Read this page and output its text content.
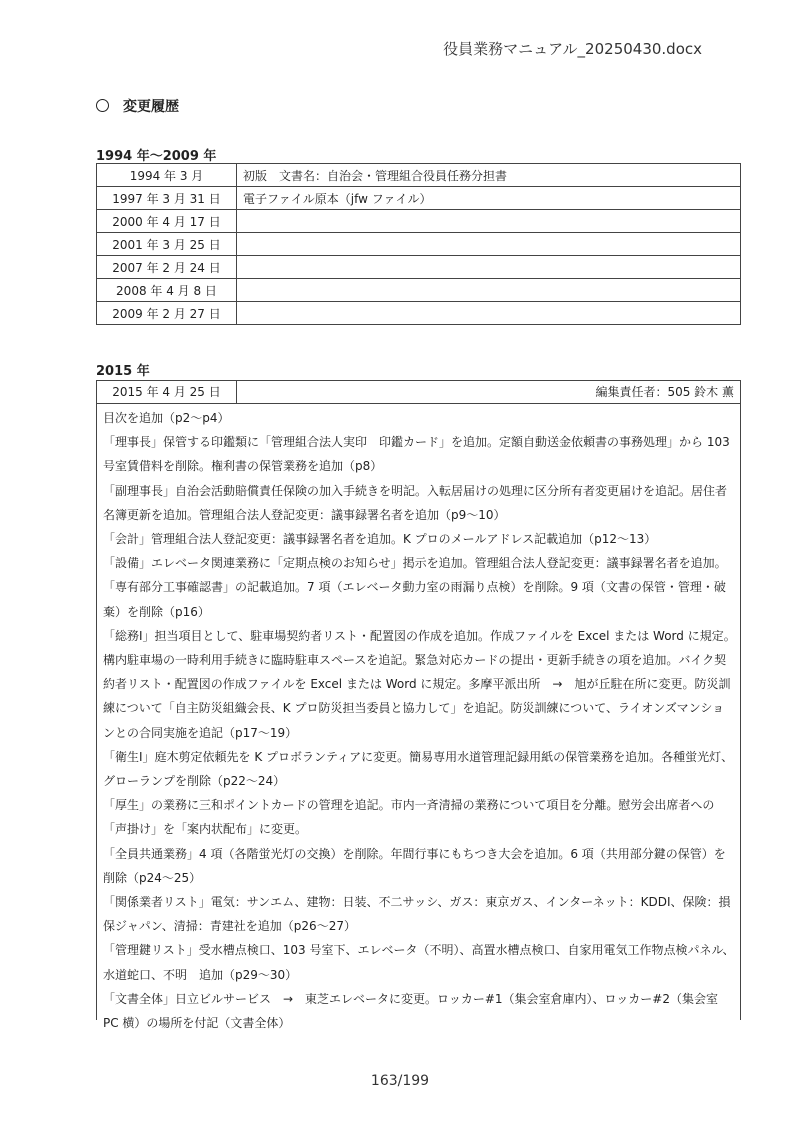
役員業務マニュアル_20250430.docx
変更履歴
1994 年〜2009 年
1994 年 3 月	初版　文書名：自治会・管理組合役員任務分担書
1997 年 3 月 31 日	電子ファイル原本（jfw ファイル）
2000 年 4 月 17 日	
2001 年 3 月 25 日	
2007 年 2 月 24 日	
2008 年 4 月 8 日	
2009 年 2 月 27 日	
2015 年
2015 年 4 月 25 日	編集責任者：505 鈴木 薫

目次を追加（p2〜p4）

「理事長」保管する印鑑類に「管理組合法人実印　印鑑カード」を追加。定額自動送金依頼書の事務処理」から 103 号室賃借料を削除。権利書の保管業務を追加（p8）

「副理事長」自治会活動賠償責任保険の加入手続きを明記。入転居届けの処理に区分所有者変更届けを追記。居住者名簿更新を追加。管理組合法人登記変更：議事録署名者を追加（p9〜10）

「会計」管理組合法人登記変更：議事録署名者を追加。K プロのメールアドレス記載追加（p12〜13）

「設備」エレベータ関連業務に「定期点検のお知らせ」掲示を追加。管理組合法人登記変更：議事録署名者を追加。「専有部分工事確認書」の記載追加。7 項（エレベータ動力室の雨漏り点検）を削除。9 項（文書の保管・管理・破棄）を削除（p16）

「総務Ⅰ」担当項目として、駐車場契約者リスト・配置図の作成を追加。作成ファイルを Excel または Word に規定。構内駐車場の一時利用手続きに臨時駐車スペースを追記。緊急対応カードの提出・更新手続きの項を追加。バイク契約者リスト・配置図の作成ファイルを Excel または Word に規定。多摩平派出所　→　旭が丘駐在所に変更。防災訓練について「自主防災組織会長、K プロ防災担当委員と協力して」を追記。防災訓練について、ライオンズマンションとの合同実施を追記（p17〜19）

「衛生Ⅰ」庭木剪定依頼先を K プロボランティアに変更。簡易専用水道管理記録用紙の保管業務を追加。各種蛍光灯、グローランプを削除（p22〜24）

「厚生」の業務に三和ポイントカードの管理を追記。市内一斉清掃の業務について項目を分離。慰労会出席者への「声掛け」を「案内状配布」に変更。

「全員共通業務」4 項（各階蛍光灯の交換）を削除。年間行事にもちつき大会を追加。6 項（共用部分鍵の保管）を削除（p24〜25）

「関係業者リスト」電気：サンエム、建物：日装、不二サッシ、ガス：東京ガス、インターネット：KDDI、保険：損保ジャパン、清掃：青建社を追加（p26〜27）

「管理鍵リスト」受水槽点検口、103 号室下、エレベータ（不明）、高置水槽点検口、自家用電気工作物点検パネル、水道蛇口、不明　追加（p29〜30）

「文書全体」日立ビルサービス　→　東芝エレベータに変更。ロッカー#1（集会室倉庫内）、ロッカー#2（集会室 PC 横）の場所を付記（文書全体）

163/199
